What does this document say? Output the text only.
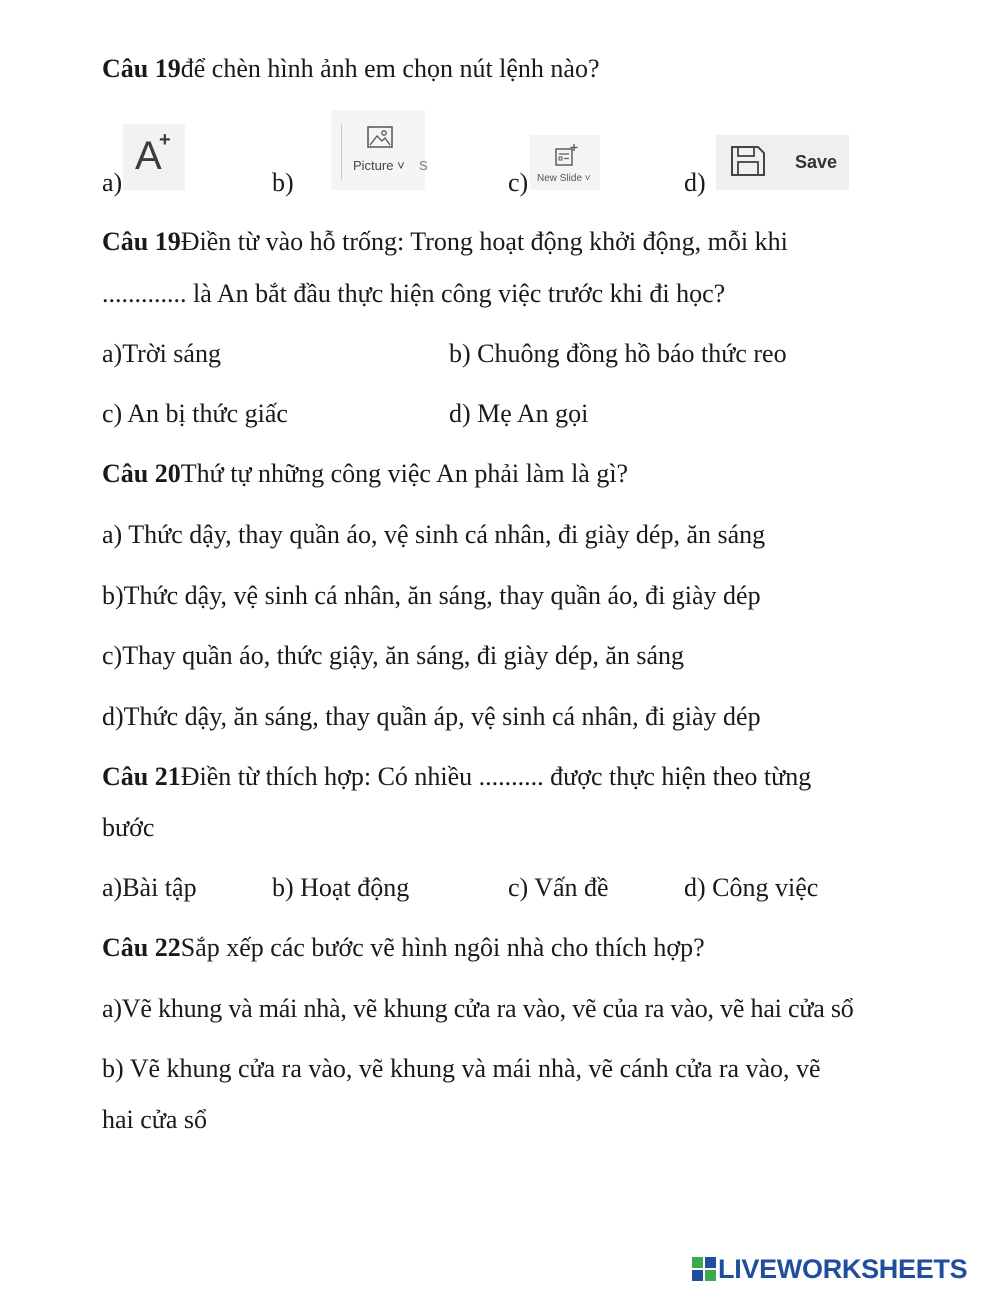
Câu 19để chèn hình ảnh em chọn nút lệnh nào?
a)
A
+
b)
Picture ˅ S
c) New Slide ˅	d)
Save
Câu 19Điền từ vào hỗ trống: Trong hoạt động khởi động, mỗi khi
............. là An bắt đầu thực hiện công việc trước khi đi học?
a)Trời sáng	b) Chuông đồng hồ báo thức reo
c) An bị thức giấc	d) Mẹ An gọi
Câu 20Thứ tự những công việc An phải làm là gì?
a) Thức dậy, thay quần áo, vệ sinh cá nhân, đi giày dép, ăn sáng
b)Thức dậy, vệ sinh cá nhân, ăn sáng, thay quần áo, đi giày dép
c)Thay quần áo, thức giậy, ăn sáng, đi giày dép, ăn sáng
d)Thức dậy, ăn sáng, thay quần áp, vệ sinh cá nhân, đi giày dép
Câu 21Điền từ thích hợp: Có nhiều .......... được thực hiện theo từng
bước
a)Bài tập	b) Hoạt động	c) Vấn đề	d) Công việc
Câu 22Sắp xếp các bước vẽ hình ngôi nhà cho thích hợp?
a)Vẽ khung và mái nhà, vẽ khung cửa ra vào, vẽ của ra vào, vẽ hai cửa sổ
b) Vẽ khung cửa ra vào, vẽ khung và mái nhà, vẽ cánh cửa ra vào, vẽ
hai cửa sổ
LIVEWORKSHEETS
